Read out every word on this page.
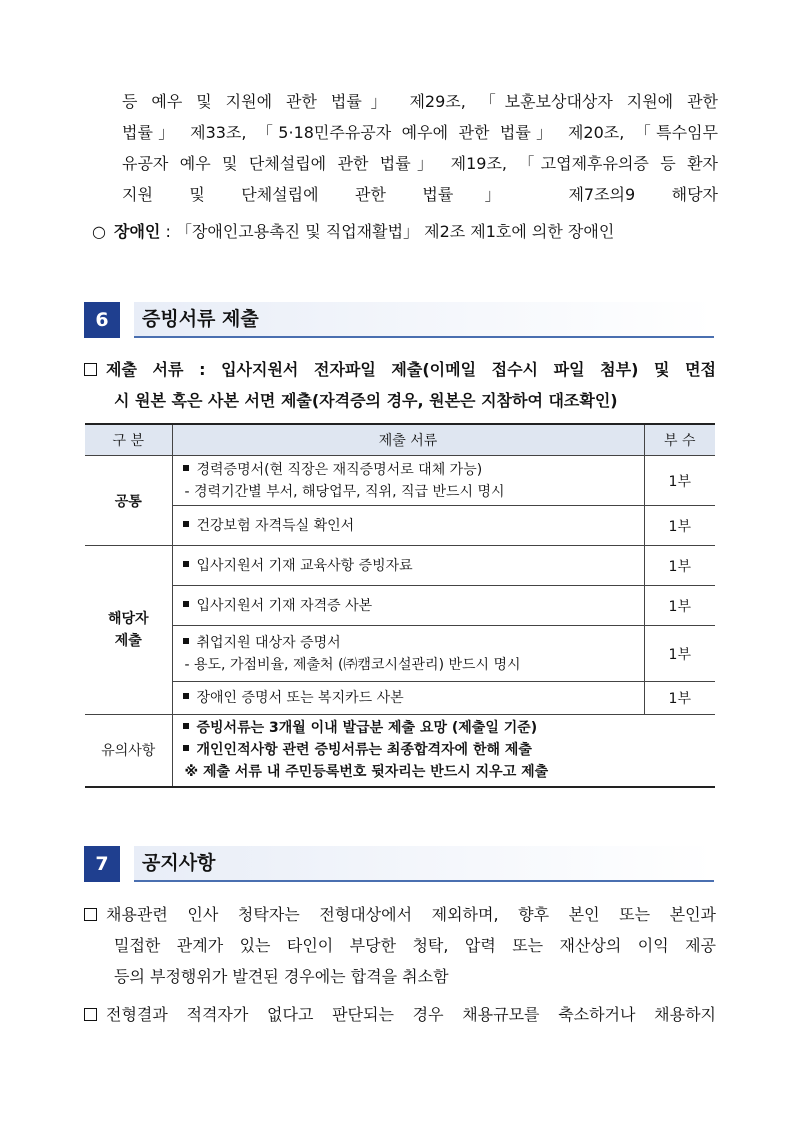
등 예우 및 지원에 관한 법률」 제29조, 「보훈보상대상자 지원에 관한
법률」 제33조, 「5·18민주유공자 예우에 관한 법률」 제20조, 「특수임무
유공자 예우 및 단체설립에 관한 법률」 제19조, 「고엽제후유의증 등 환자
지원 및 단체설립에 관한 법률」 제7조의9 해당자
○ 장애인 : 「장애인고용촉진 및 직업재활법」 제2조 제1호에 의한 장애인
6	증빙서류 제출
제출 서류 : 입사지원서 전자파일 제출(이메일 접수시 파일 첨부) 및 면접
시 원본 혹은 사본 서면 제출(자격증의 경우, 원본은 지참하여 대조확인)
구 분	제출 서류	부 수
공통	경력증명서(현 직장은 재직증명서로 대체 가능)
- 경력기간별 부서, 해당업무, 직위, 직급 반드시 명시	1부

	건강보험 자격득실 확인서	1부

해당자
제출	입사지원서 기재 교육사항 증빙자료	1부

	입사지원서 기재 자격증 사본	1부

	취업지원 대상자 증명서
- 용도, 가점비율, 제출처 (㈜캠코시설관리) 반드시 명시	1부

	장애인 증명서 또는 복지카드 사본	1부
유의사항	증빙서류는 3개월 이내 발급분 제출 요망 (제출일 기준)
개인인적사항 관련 증빙서류는 최종합격자에 한해 제출
※ 제출 서류 내 주민등록번호 뒷자리는 반드시 지우고 제출	
7	공지사항
채용관련 인사 청탁자는 전형대상에서 제외하며, 향후 본인 또는 본인과
밀접한 관계가 있는 타인이 부당한 청탁, 압력 또는 재산상의 이익 제공
등의 부정행위가 발견된 경우에는 합격을 취소함
전형결과 적격자가 없다고 판단되는 경우 채용규모를 축소하거나 채용하지
